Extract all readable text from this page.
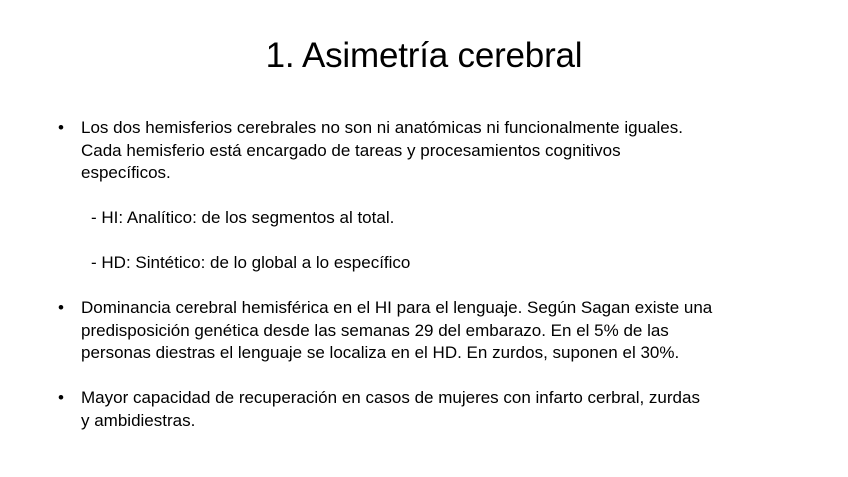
1. Asimetría cerebral
•	Los dos hemisferios cerebrales no son ni anatómicas ni funcionalmente iguales.
Cada hemisferio está encargado de tareas y procesamientos cognitivos
específicos.
- HI: Analítico: de los segmentos al total.
- HD: Sintético: de lo global a lo específico
•	Dominancia cerebral hemisférica en el HI para el lenguaje. Según Sagan existe una
predisposición genética desde las semanas 29 del embarazo. En el 5% de las
personas diestras el lenguaje se localiza en el HD. En zurdos, suponen el 30%.
•	Mayor capacidad de recuperación en casos de mujeres con infarto cerbral, zurdas
y ambidiestras.
